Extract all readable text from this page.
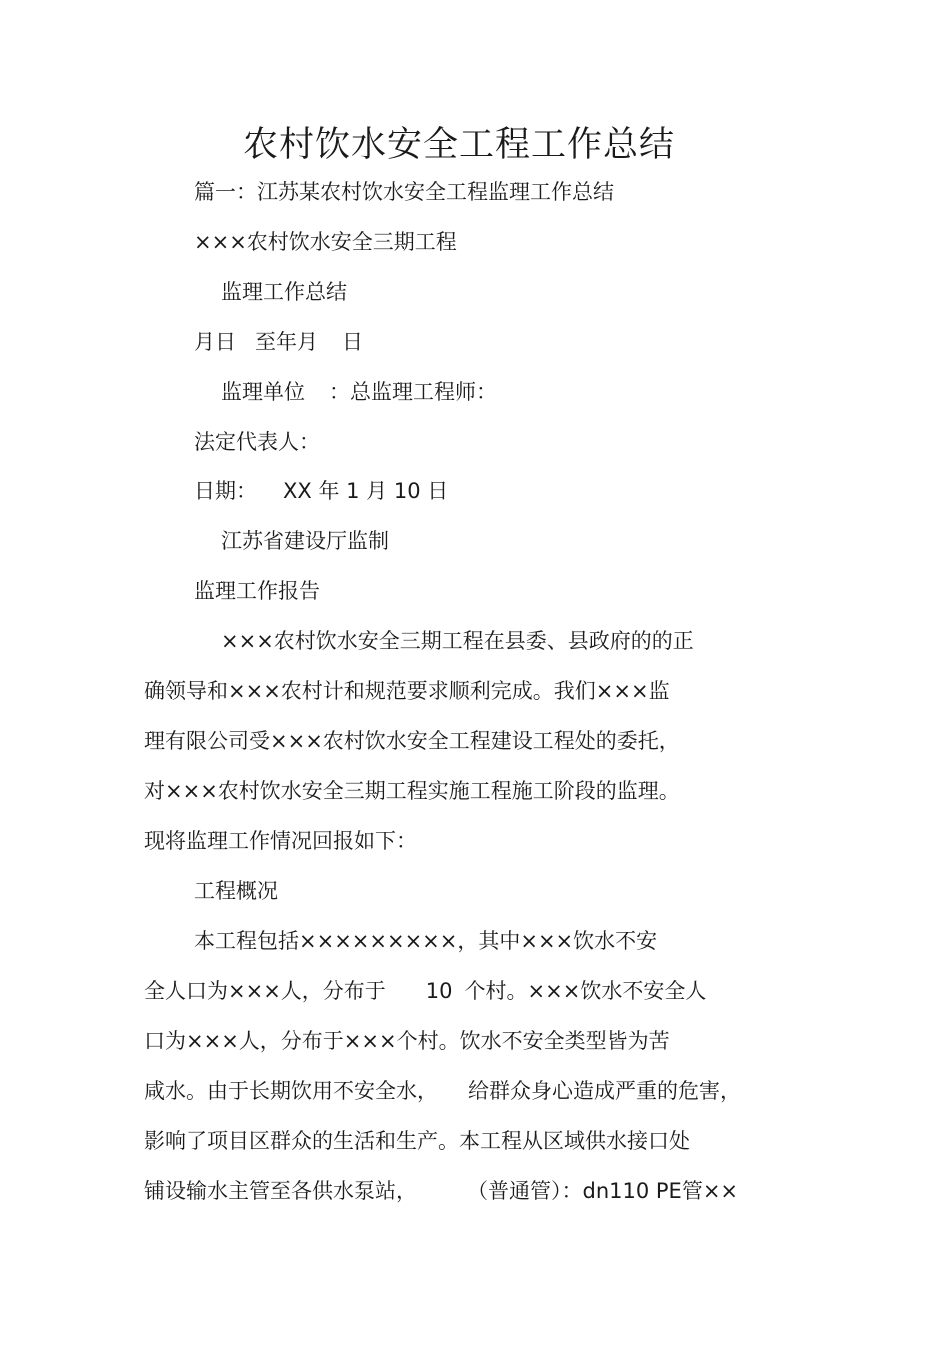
农村饮水安全工程工作总结
篇一：江苏某农村饮水安全工程监理工作总结
×××农村饮水安全三期工程
监理工作总结
月日 至年月 日
监理单位 ：总监理工程师：
法定代表人：
日期： XX 年 1 月 10 日
江苏省建设厅监制
监理工作报告
×××农村饮水安全三期工程在县委、县政府的的正
确领导和×××农村计和规范要求顺利完成。我们×××监
理有限公司受×××农村饮水安全工程建设工程处的委托，
对×××农村饮水安全三期工程实施工程施工阶段的监理。
现将监理工作情况回报如下：
工程概况
本工程包括×××××××××，其中×××饮水不安
全人口为×××人，分布于 10 个村。×××饮水不安全人
口为×××人，分布于×××个村。饮水不安全类型皆为苦
咸水。由于长期饮用不安全水， 给群众身心造成严重的危害，
影响了项目区群众的生活和生产。本工程从区域供水接口处
铺设输水主管至各供水泵站， （普通管）：dn110 PE管××
